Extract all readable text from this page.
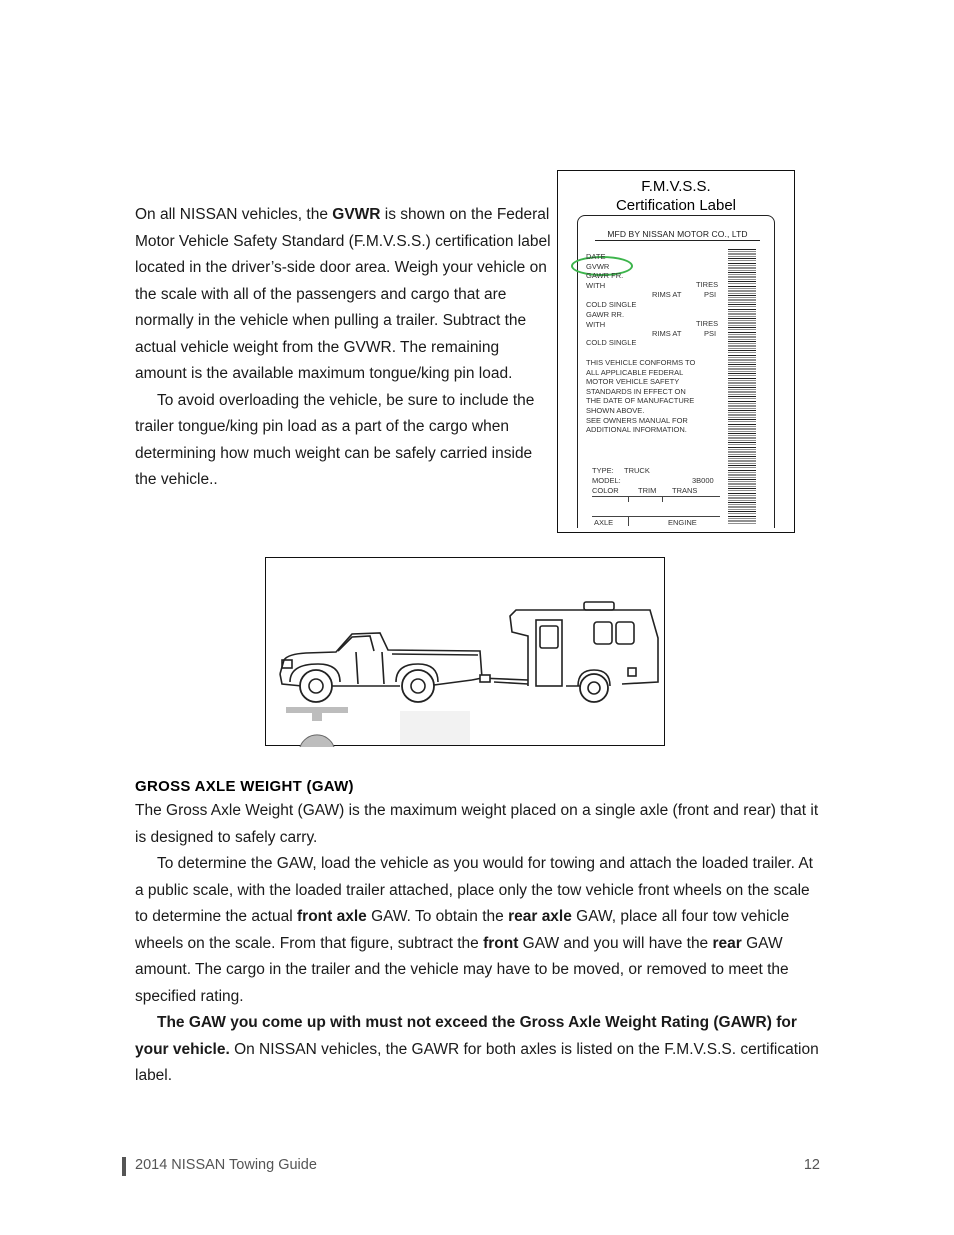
On all NISSAN vehicles, the GVWR is shown on the Federal Motor Vehicle Safety Standard (F.M.V.S.S.) certification label located in the driver’s-side door area. Weigh your vehicle on the scale with all of the passengers and cargo that are normally in the vehicle when pulling a trailer. Subtract the actual vehicle weight from the GVWR. The remaining amount is the available maximum tongue/king pin load.

To avoid overloading the vehicle, be sure to include the trailer tongue/king pin load as a part of the cargo when determining how much weight can be safely carried inside the vehicle..

F.M.V.S.S.
Certification Label
MFD BY NISSAN MOTOR CO., LTD
DATE
GVWR
GAWR FR.
WITH	TIRES
RIMS AT	PSI
COLD SINGLE
GAWR RR.
WITH	TIRES
RIMS AT	PSI
COLD SINGLE
THIS VEHICLE CONFORMS TO
ALL APPLICABLE FEDERAL
MOTOR VEHICLE SAFETY
STANDARDS IN EFFECT ON
THE DATE OF MANUFACTURE
SHOWN ABOVE.
SEE OWNERS MANUAL FOR
ADDITIONAL INFORMATION.
TYPE: TRUCK
MODEL:	3B000
COLOR	TRIM TRANS
AXLE	ENGINE
GROSS AXLE WEIGHT (GAW)

The Gross Axle Weight (GAW) is the maximum weight placed on a single axle (front and rear) that it is designed to safely carry.

To determine the GAW, load the vehicle as you would for towing and attach the loaded trailer. At a public scale, with the loaded trailer attached, place only the tow vehicle front wheels on the scale to determine the actual front axle GAW. To obtain the rear axle GAW, place all four tow vehicle wheels on the scale. From that figure, subtract the front GAW and you will have the rear GAW amount. The cargo in the trailer and the vehicle may have to be moved, or removed to meet the specified rating.

The GAW you come up with must not exceed the Gross Axle Weight Rating (GAWR) for your vehicle. On NISSAN vehicles, the GAWR for both axles is listed on the F.M.V.S.S. certification label.

2014 NISSAN Towing Guide	12
